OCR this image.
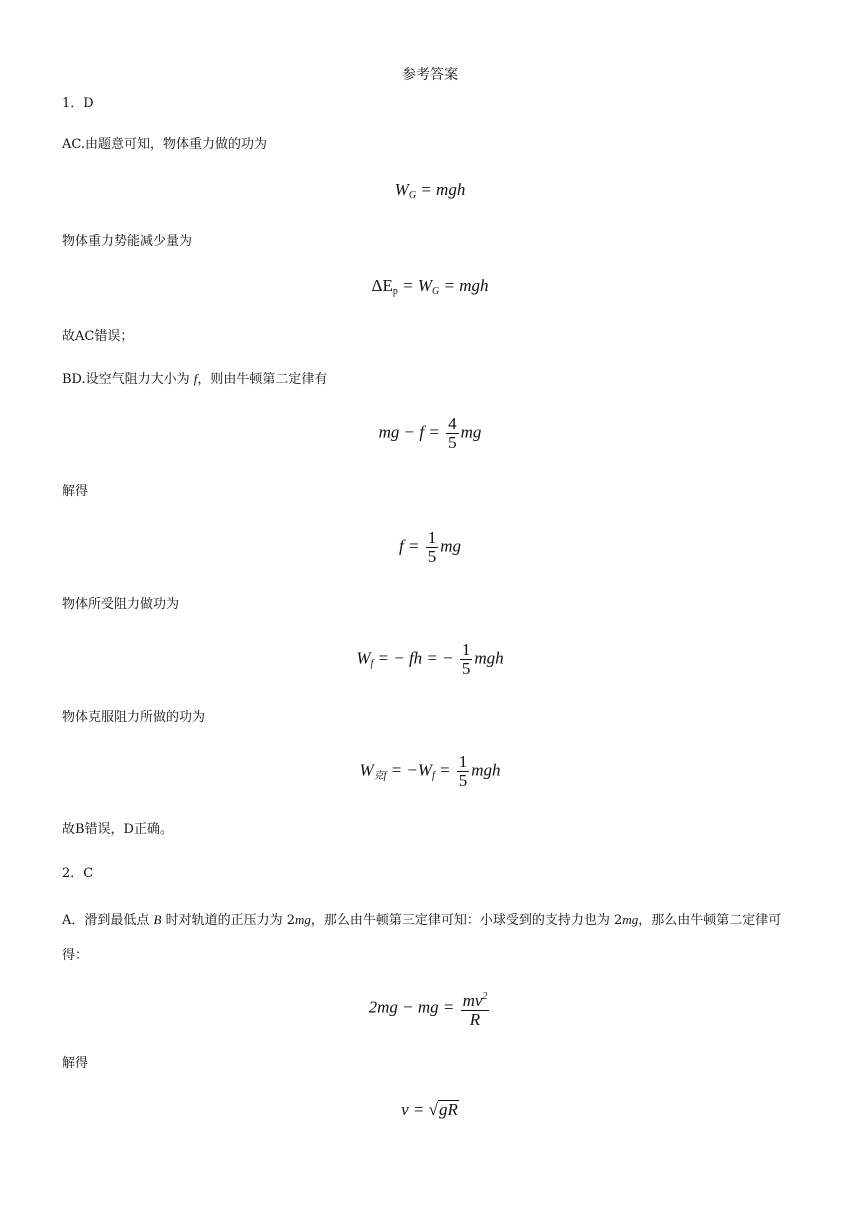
参考答案
1．D
AC.由题意可知，物体重力做的功为
$W_G$ = mgh
物体重力势能减少量为
$\Delta E_p = W_G$ = mgh
故AC错误；
BD.设空气阻力大小为 f，则由牛顿第二定律有
mg − $f = \frac{4}{5}$ mg
解得
$f = \frac{1}{5}$ mg
物体所受阻力做功为
$W_f$ = − fh = − $\frac{1}{5}$ mgh
物体克服阻力所做的功为
$W_{克f} = -W_f = \frac{1}{5}$ mgh
故B错误，D正确。
2．C
A．滑到最低点 B 时对轨道的正压力为 2mg，那么由牛顿第三定律可知：小球受到的支持力也为 2mg，那么由牛顿第二定律可得：
2mg − mg = $\frac{mv^2}{R}$
解得
v = √gR
